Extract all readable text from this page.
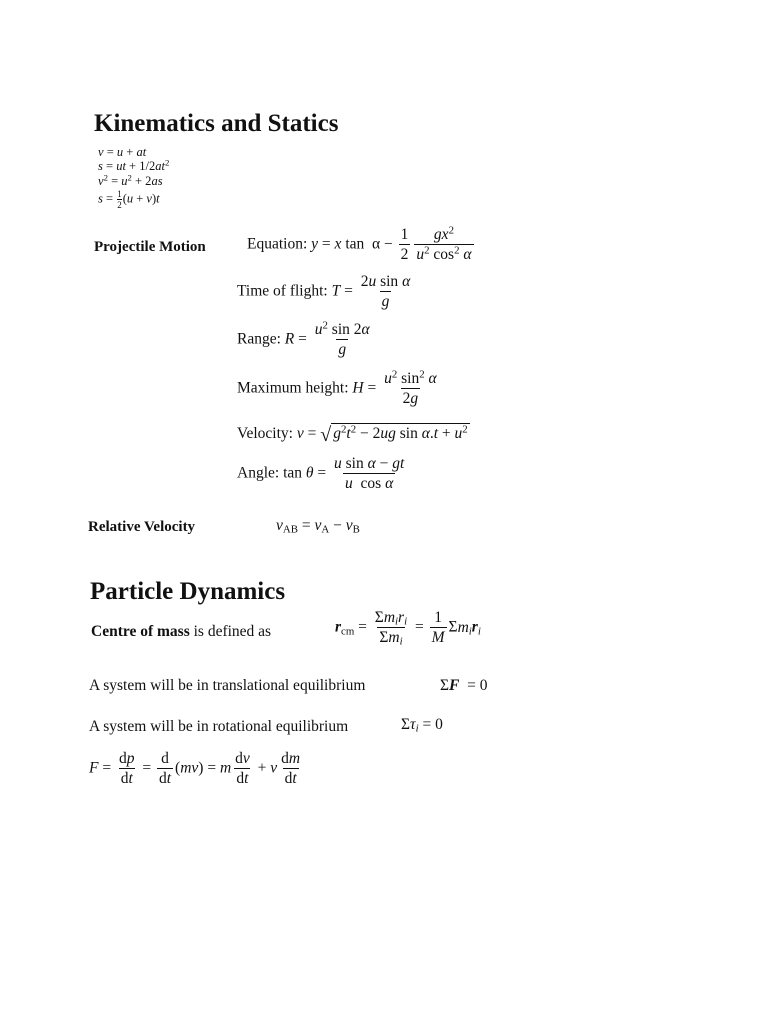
Kinematics and Statics
v = u + at
s = ut + $1/2at^2$
$v^2 = u^2 + 2as$
$s = \frac{1}{2} (u + v)t$
Projectile Motion	Equation: y = x $\tan \alpha - \frac{1}{2} \frac{gx^2}{u^2 \cos^2 \alpha}$
Time of flight: $T = \frac{\text{2u sin α}}{g}$
Range: $R = \frac{u^2 \sin 2\alpha}{g}$
Maximum height: $H = \frac{u^2 \sin^2 \alpha}{2g}$
Velocity: v = √ $g^2t^2 - 2ug$ $\sin \alpha.t + u^2$
Angle: $\tan \theta = \frac{\text{u sin α − gt}}{\text{u  cos α}}$
Relative Velocity	$v_{AB} = v_A - v_B$
Particle Dynamics
Centre of mass is defined as	$r_{cm} = \frac{\Sigma m_ir_i}{\Sigma m_i} = \frac{1}{M} \Sigma m_ir_i$
A system will be in translational equilibrium	ΣF  = 0
A system will be in rotational equilibrium	$\Sigma\tau_i = 0$
$F = \frac{dp}{dt} = \frac{d}{dt} (mv) = m \frac{dv}{dt} + v \frac{dm}{dt}$
